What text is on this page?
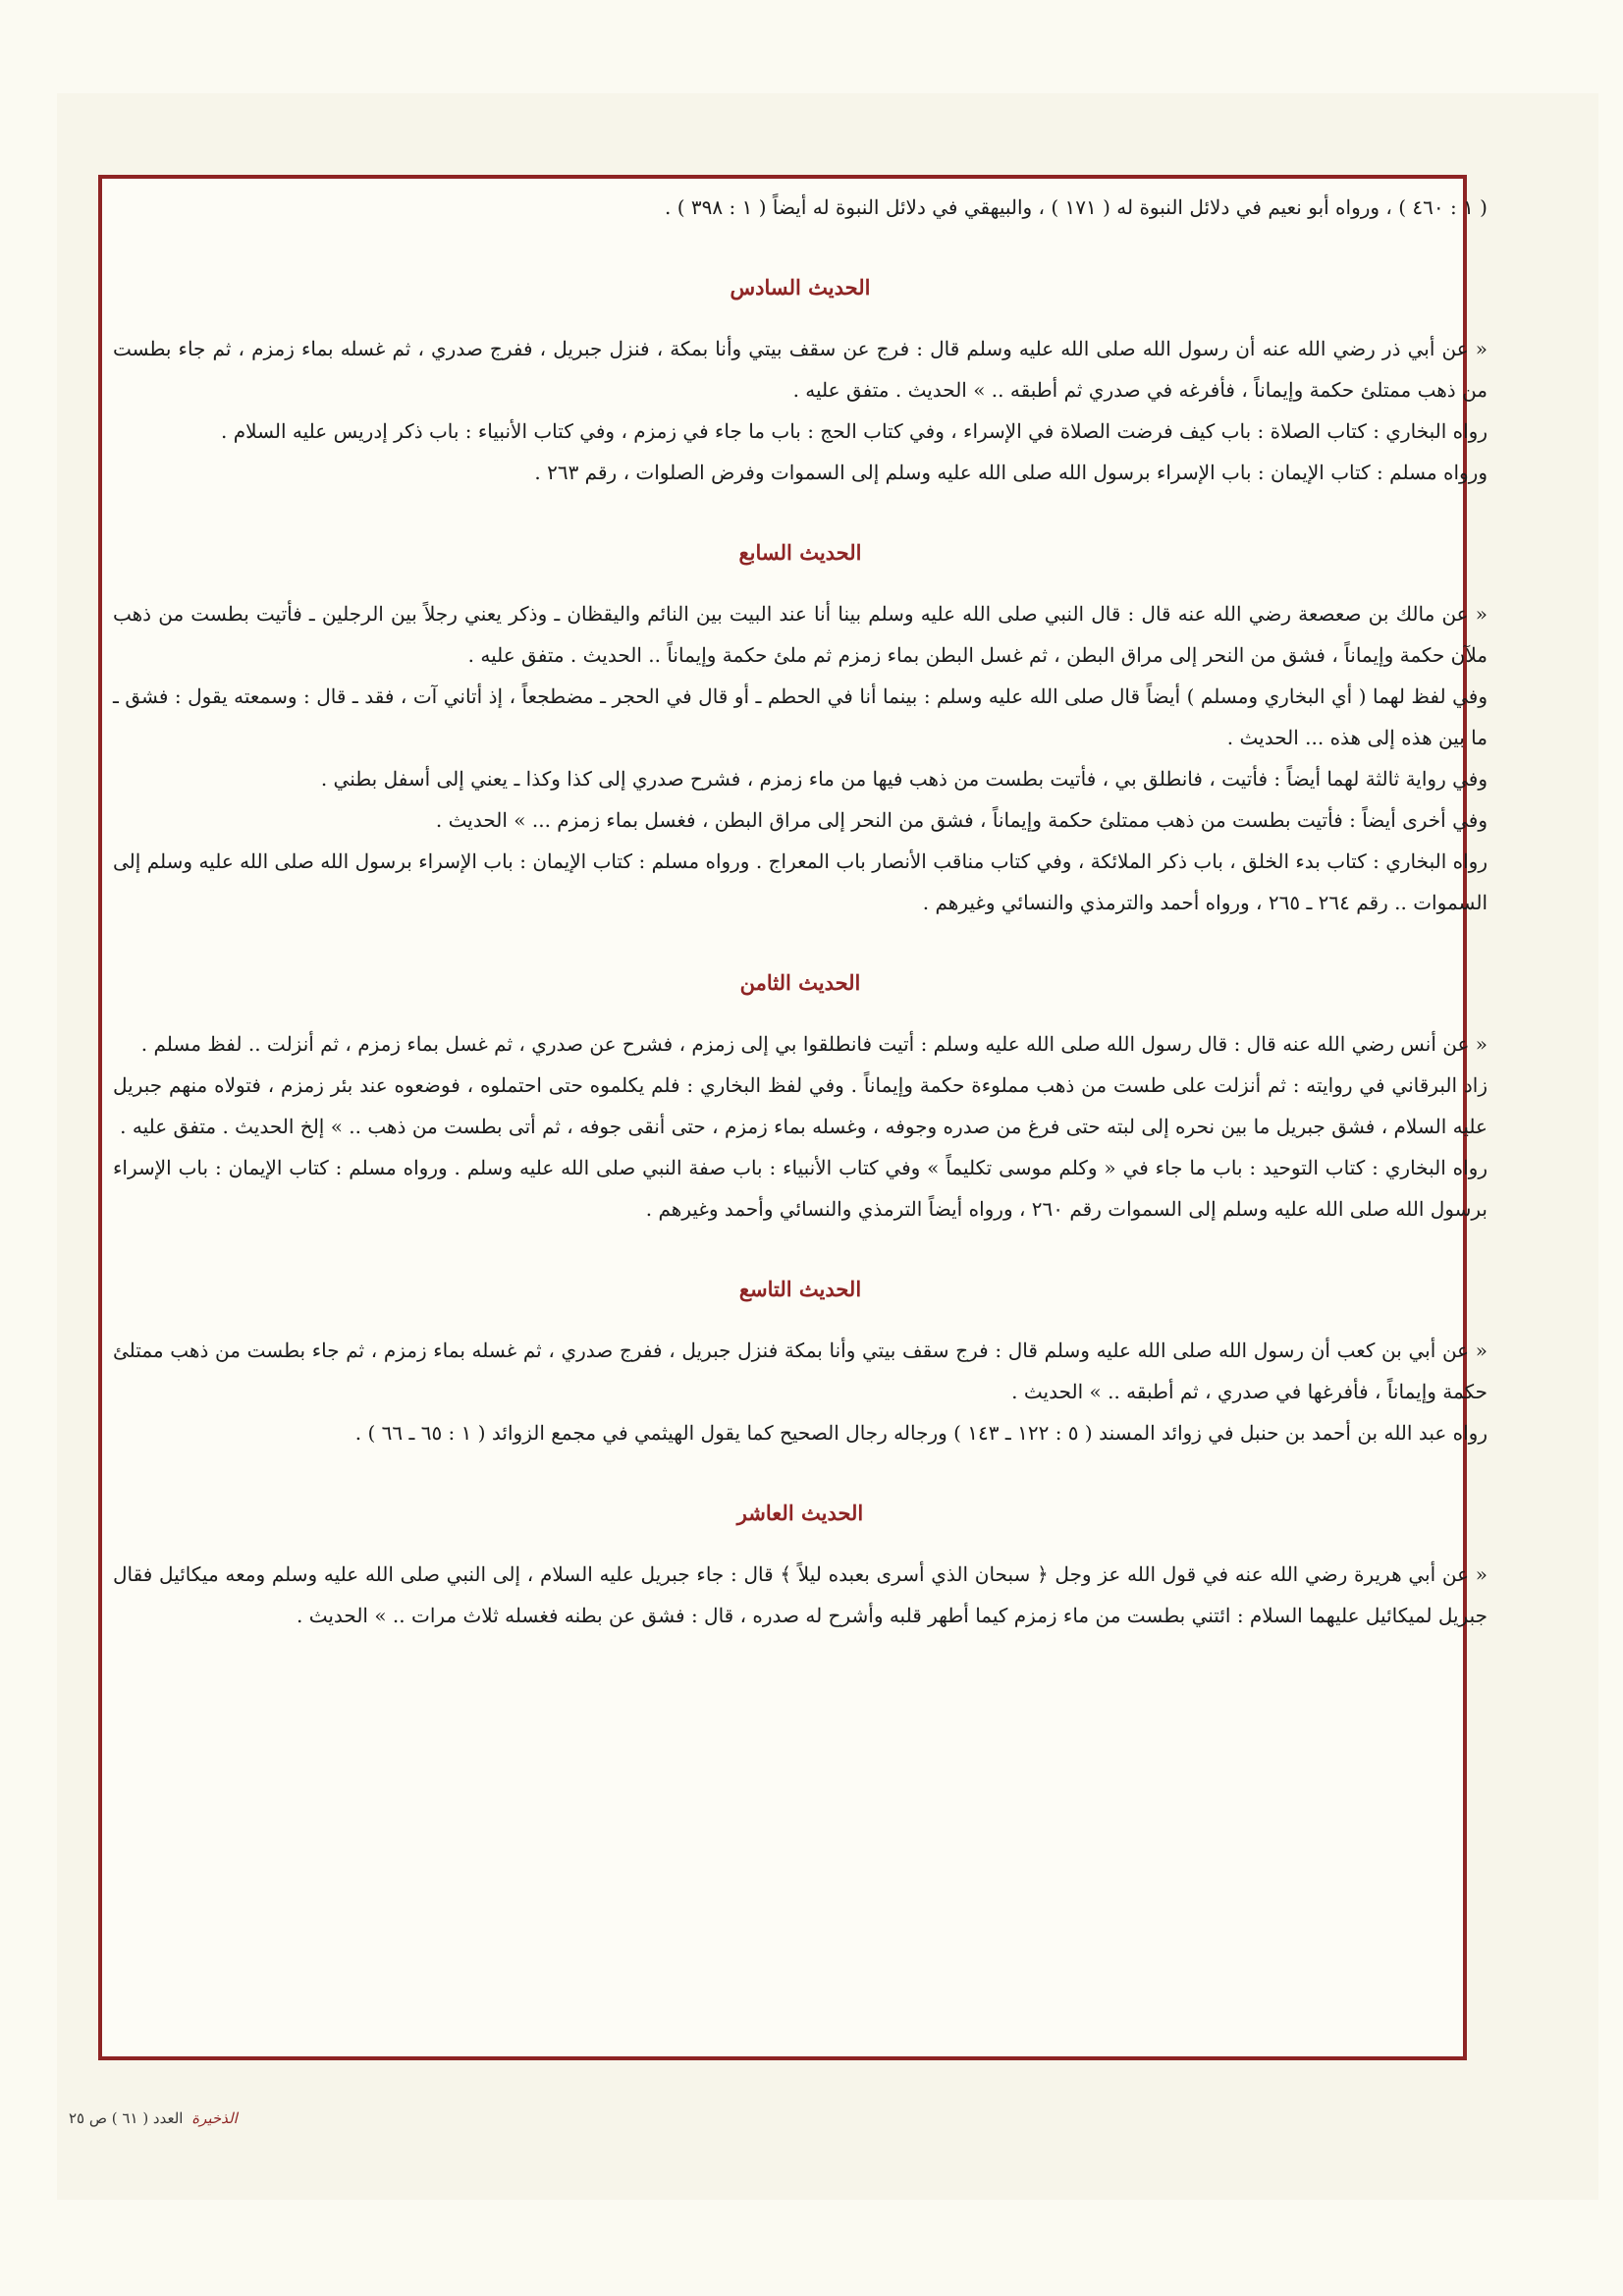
( ١ : ٤٦٠ ) ، ورواه أبو نعيم في دلائل النبوة له ( ١٧١ ) ، والبيهقي في دلائل النبوة له أيضاً ( ١ : ٣٩٨ ) .

الحديث السادس

« عن أبي ذر رضي الله عنه أن رسول الله صلى الله عليه وسلم قال : فرج عن سقف بيتي وأنا بمكة ، فنزل جبريل ، ففرج صدري ، ثم غسله بماء زمزم ، ثم جاء بطست من ذهب ممتلئ حكمة وإيماناً ، فأفرغه في صدري ثم أطبقه .. » الحديث . متفق عليه .

رواه البخاري : كتاب الصلاة : باب كيف فرضت الصلاة في الإسراء ، وفي كتاب الحج : باب ما جاء في زمزم ، وفي كتاب الأنبياء : باب ذكر إدريس عليه السلام .

ورواه مسلم : كتاب الإيمان : باب الإسراء برسول الله صلى الله عليه وسلم إلى السموات وفرض الصلوات ، رقم ٢٦٣ .

الحديث السابع

« عن مالك بن صعصعة رضي الله عنه قال : قال النبي صلى الله عليه وسلم بينا أنا عند البيت بين النائم واليقظان ـ وذكر يعني رجلاً بين الرجلين ـ فأتيت بطست من ذهب ملآن حكمة وإيماناً ، فشق من النحر إلى مراق البطن ، ثم غسل البطن بماء زمزم ثم ملئ حكمة وإيماناً .. الحديث . متفق عليه .

وفي لفظ لهما ( أي البخاري ومسلم ) أيضاً قال صلى الله عليه وسلم : بينما أنا في الحطم ـ أو قال في الحجر ـ مضطجعاً ، إذ أتاني آت ، فقد ـ قال : وسمعته يقول : فشق ـ ما بين هذه إلى هذه ... الحديث .

وفي رواية ثالثة لهما أيضاً : فأتيت ، فانطلق بي ، فأتيت بطست من ذهب فيها من ماء زمزم ، فشرح صدري إلى كذا وكذا ـ يعني إلى أسفل بطني .

وفي أخرى أيضاً : فأتيت بطست من ذهب ممتلئ حكمة وإيماناً ، فشق من النحر إلى مراق البطن ، فغسل بماء زمزم ... » الحديث .

رواه البخاري : كتاب بدء الخلق ، باب ذكر الملائكة ، وفي كتاب مناقب الأنصار باب المعراج . ورواه مسلم : كتاب الإيمان : باب الإسراء برسول الله صلى الله عليه وسلم إلى السموات .. رقم ٢٦٤ ـ ٢٦٥ ، ورواه أحمد والترمذي والنسائي وغيرهم .

الحديث الثامن

« عن أنس رضي الله عنه قال : قال رسول الله صلى الله عليه وسلم : أتيت فانطلقوا بي إلى زمزم ، فشرح عن صدري ، ثم غسل بماء زمزم ، ثم أنزلت .. لفظ مسلم .

زاد البرقاني في روايته : ثم أنزلت على طست من ذهب مملوءة حكمة وإيماناً . وفي لفظ البخاري : فلم يكلموه حتى احتملوه ، فوضعوه عند بئر زمزم ، فتولاه منهم جبريل عليه السلام ، فشق جبريل ما بين نحره إلى لبته حتى فرغ من صدره وجوفه ، وغسله بماء زمزم ، حتى أنقى جوفه ، ثم أتى بطست من ذهب .. » إلخ الحديث . متفق عليه .

رواه البخاري : كتاب التوحيد : باب ما جاء في « وكلم موسى تكليماً » وفي كتاب الأنبياء : باب صفة النبي صلى الله عليه وسلم . ورواه مسلم : كتاب الإيمان : باب الإسراء برسول الله صلى الله عليه وسلم إلى السموات رقم ٢٦٠ ، ورواه أيضاً الترمذي والنسائي وأحمد وغيرهم .

الحديث التاسع

« عن أبي بن كعب أن رسول الله صلى الله عليه وسلم قال : فرج سقف بيتي وأنا بمكة فنزل جبريل ، ففرج صدري ، ثم غسله بماء زمزم ، ثم جاء بطست من ذهب ممتلئ حكمة وإيماناً ، فأفرغها في صدري ، ثم أطبقه .. » الحديث .

رواه عبد الله بن أحمد بن حنبل في زوائد المسند ( ٥ : ١٢٢ ـ ١٤٣ ) ورجاله رجال الصحيح كما يقول الهيثمي في مجمع الزوائد ( ١ : ٦٥ ـ ٦٦ ) .

الحديث العاشر

« عن أبي هريرة رضي الله عنه في قول الله عز وجل ﴿ سبحان الذي أسرى بعبده ليلاً ﴾ قال : جاء جبريل عليه السلام ، إلى النبي صلى الله عليه وسلم ومعه ميكائيل فقال جبريل لميكائيل عليهما السلام : ائتني بطست من ماء زمزم كيما أطهر قلبه وأشرح له صدره ، قال : فشق عن بطنه فغسله ثلاث مرات .. » الحديث .

الذخيرة العدد ( ٦١ ) ص ٢٥
